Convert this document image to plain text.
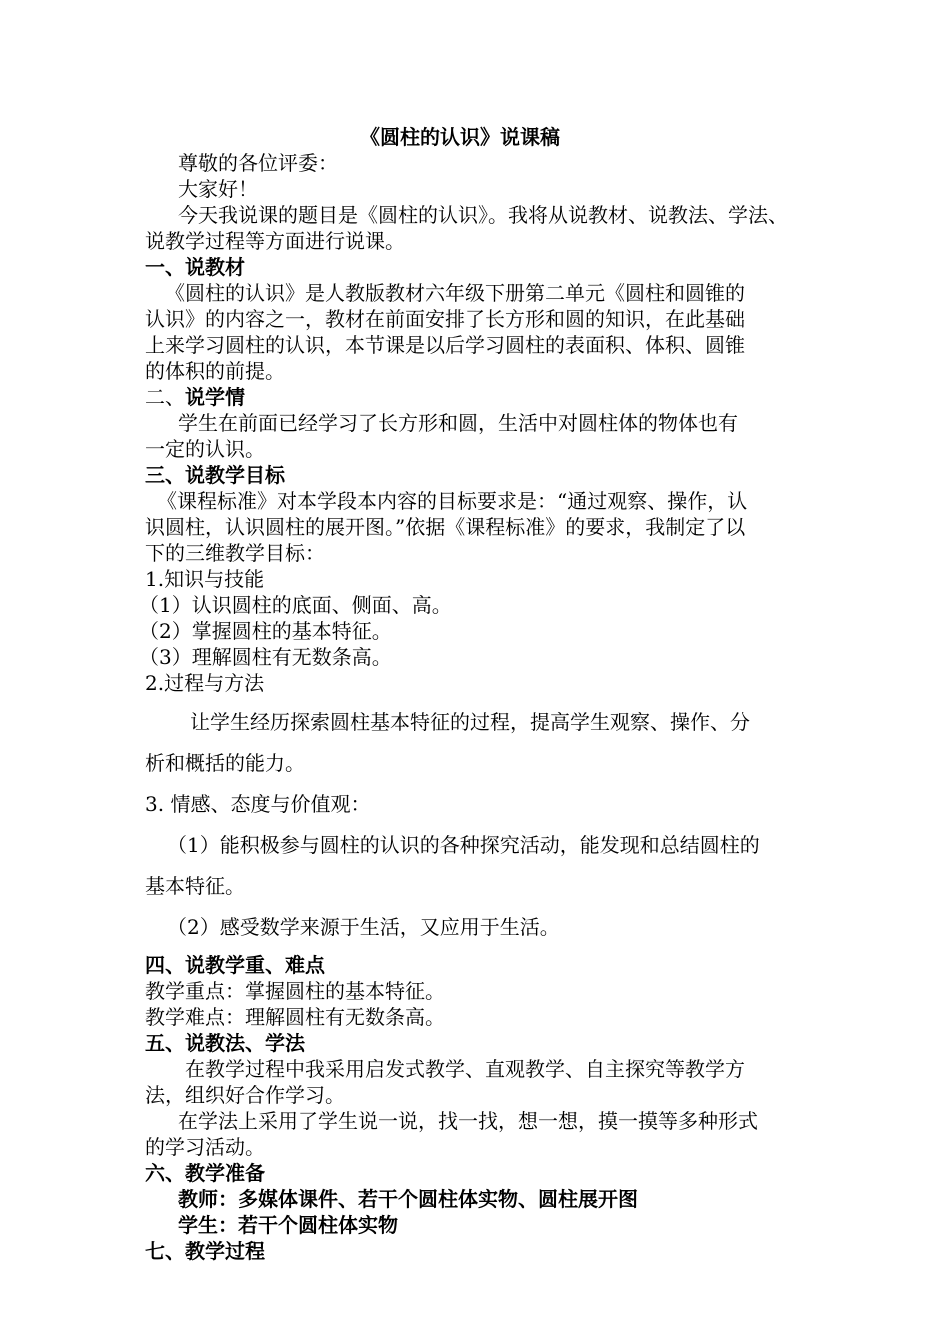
《圆柱的认识》说课稿
尊敬的各位评委：
大家好！
今天我说课的题目是《圆柱的认识》。我将从说教材、说教法、学法、
说教学过程等方面进行说课。
一、说教材
《圆柱的认识》是人教版教材六年级下册第二单元《圆柱和圆锥的
认识》的内容之一，教材在前面安排了长方形和圆的知识，在此基础
上来学习圆柱的认识，本节课是以后学习圆柱的表面积、体积、圆锥
的体积的前提。
二、说学情
学生在前面已经学习了长方形和圆，生活中对圆柱体的物体也有
一定的认识。
三、说教学目标
《课程标准》对本学段本内容的目标要求是：“通过观察、操作，认
识圆柱，认识圆柱的展开图。”依据《课程标准》的要求，我制定了以
下的三维教学目标：
1.知识与技能
（1）认识圆柱的底面、侧面、高。
（2）掌握圆柱的基本特征。
（3）理解圆柱有无数条高。
2.过程与方法
让学生经历探索圆柱基本特征的过程，提高学生观察、操作、分
析和概括的能力。
3. 情感、态度与价值观：
（1）能积极参与圆柱的认识的各种探究活动，能发现和总结圆柱的
基本特征。
（2）感受数学来源于生活，又应用于生活。
四、说教学重、难点
教学重点：掌握圆柱的基本特征。
教学难点：理解圆柱有无数条高。
五、说教法、学法
在教学过程中我采用启发式教学、直观教学、自主探究等教学方
法，组织好合作学习。
在学法上采用了学生说一说，找一找，想一想，摸一摸等多种形式
的学习活动。
六、教学准备
教师：多媒体课件、若干个圆柱体实物、圆柱展开图
学生：若干个圆柱体实物
七、教学过程
